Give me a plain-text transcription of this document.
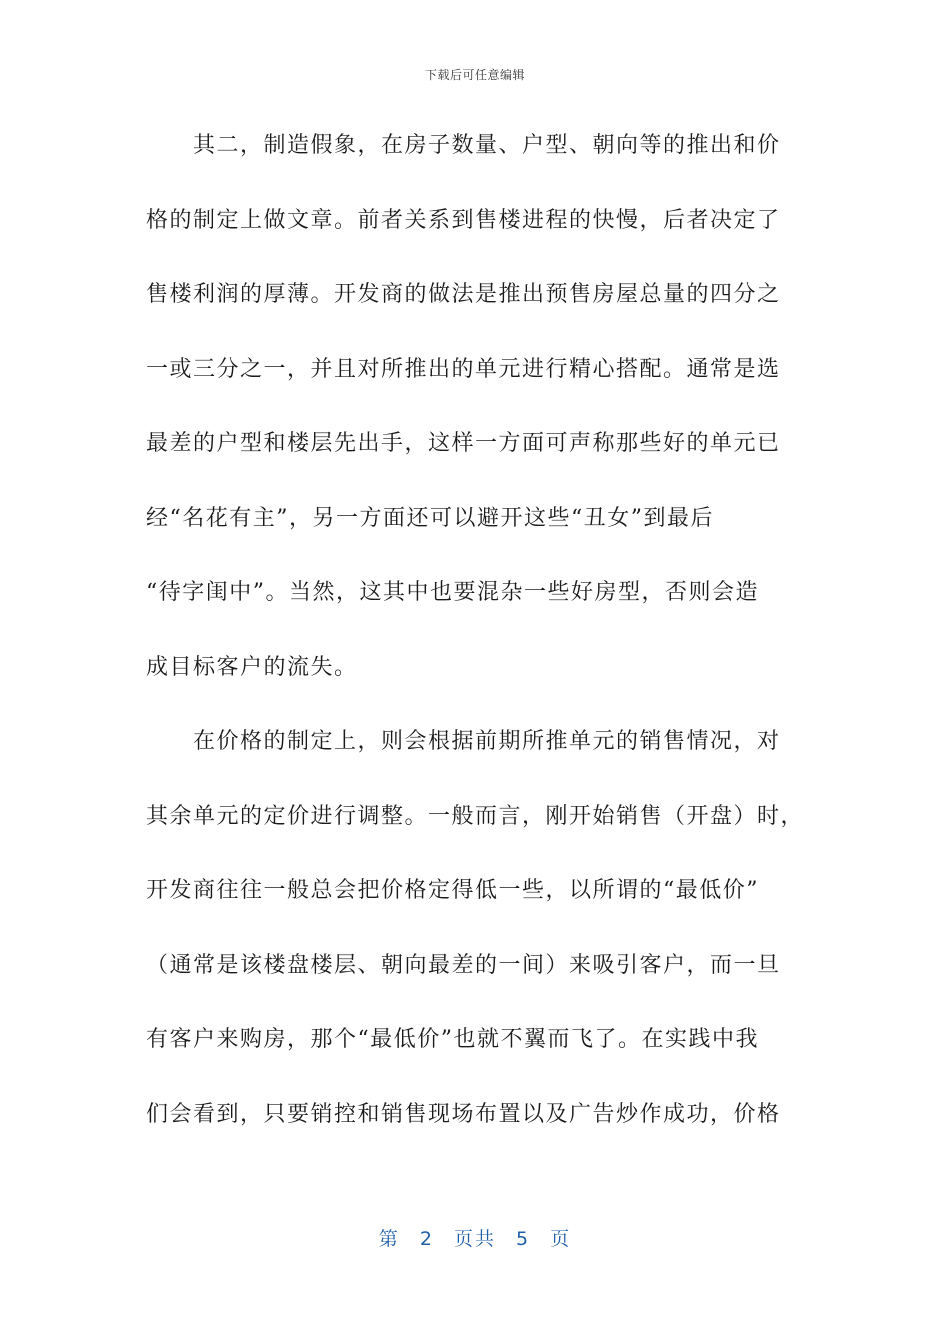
下载后可任意编辑
其二，制造假象，在房子数量、户型、朝向等的推出和价
格的制定上做文章。前者关系到售楼进程的快慢，后者决定了
售楼利润的厚薄。开发商的做法是推出预售房屋总量的四分之
一或三分之一，并且对所推出的单元进行精心搭配。通常是选
最差的户型和楼层先出手，这样一方面可声称那些好的单元已
经“名花有主”，另一方面还可以避开这些“丑女”到最后
“待字闺中”。当然，这其中也要混杂一些好房型，否则会造
成目标客户的流失。
在价格的制定上，则会根据前期所推单元的销售情况，对
其余单元的定价进行调整。一般而言，刚开始销售（开盘）时，
开发商往往一般总会把价格定得低一些，以所谓的“最低价”
（通常是该楼盘楼层、朝向最差的一间）来吸引客户，而一旦
有客户来购房，那个“最低价”也就不翼而飞了。在实践中我
们会看到，只要销控和销售现场布置以及广告炒作成功，价格
第 2 页共 5 页
